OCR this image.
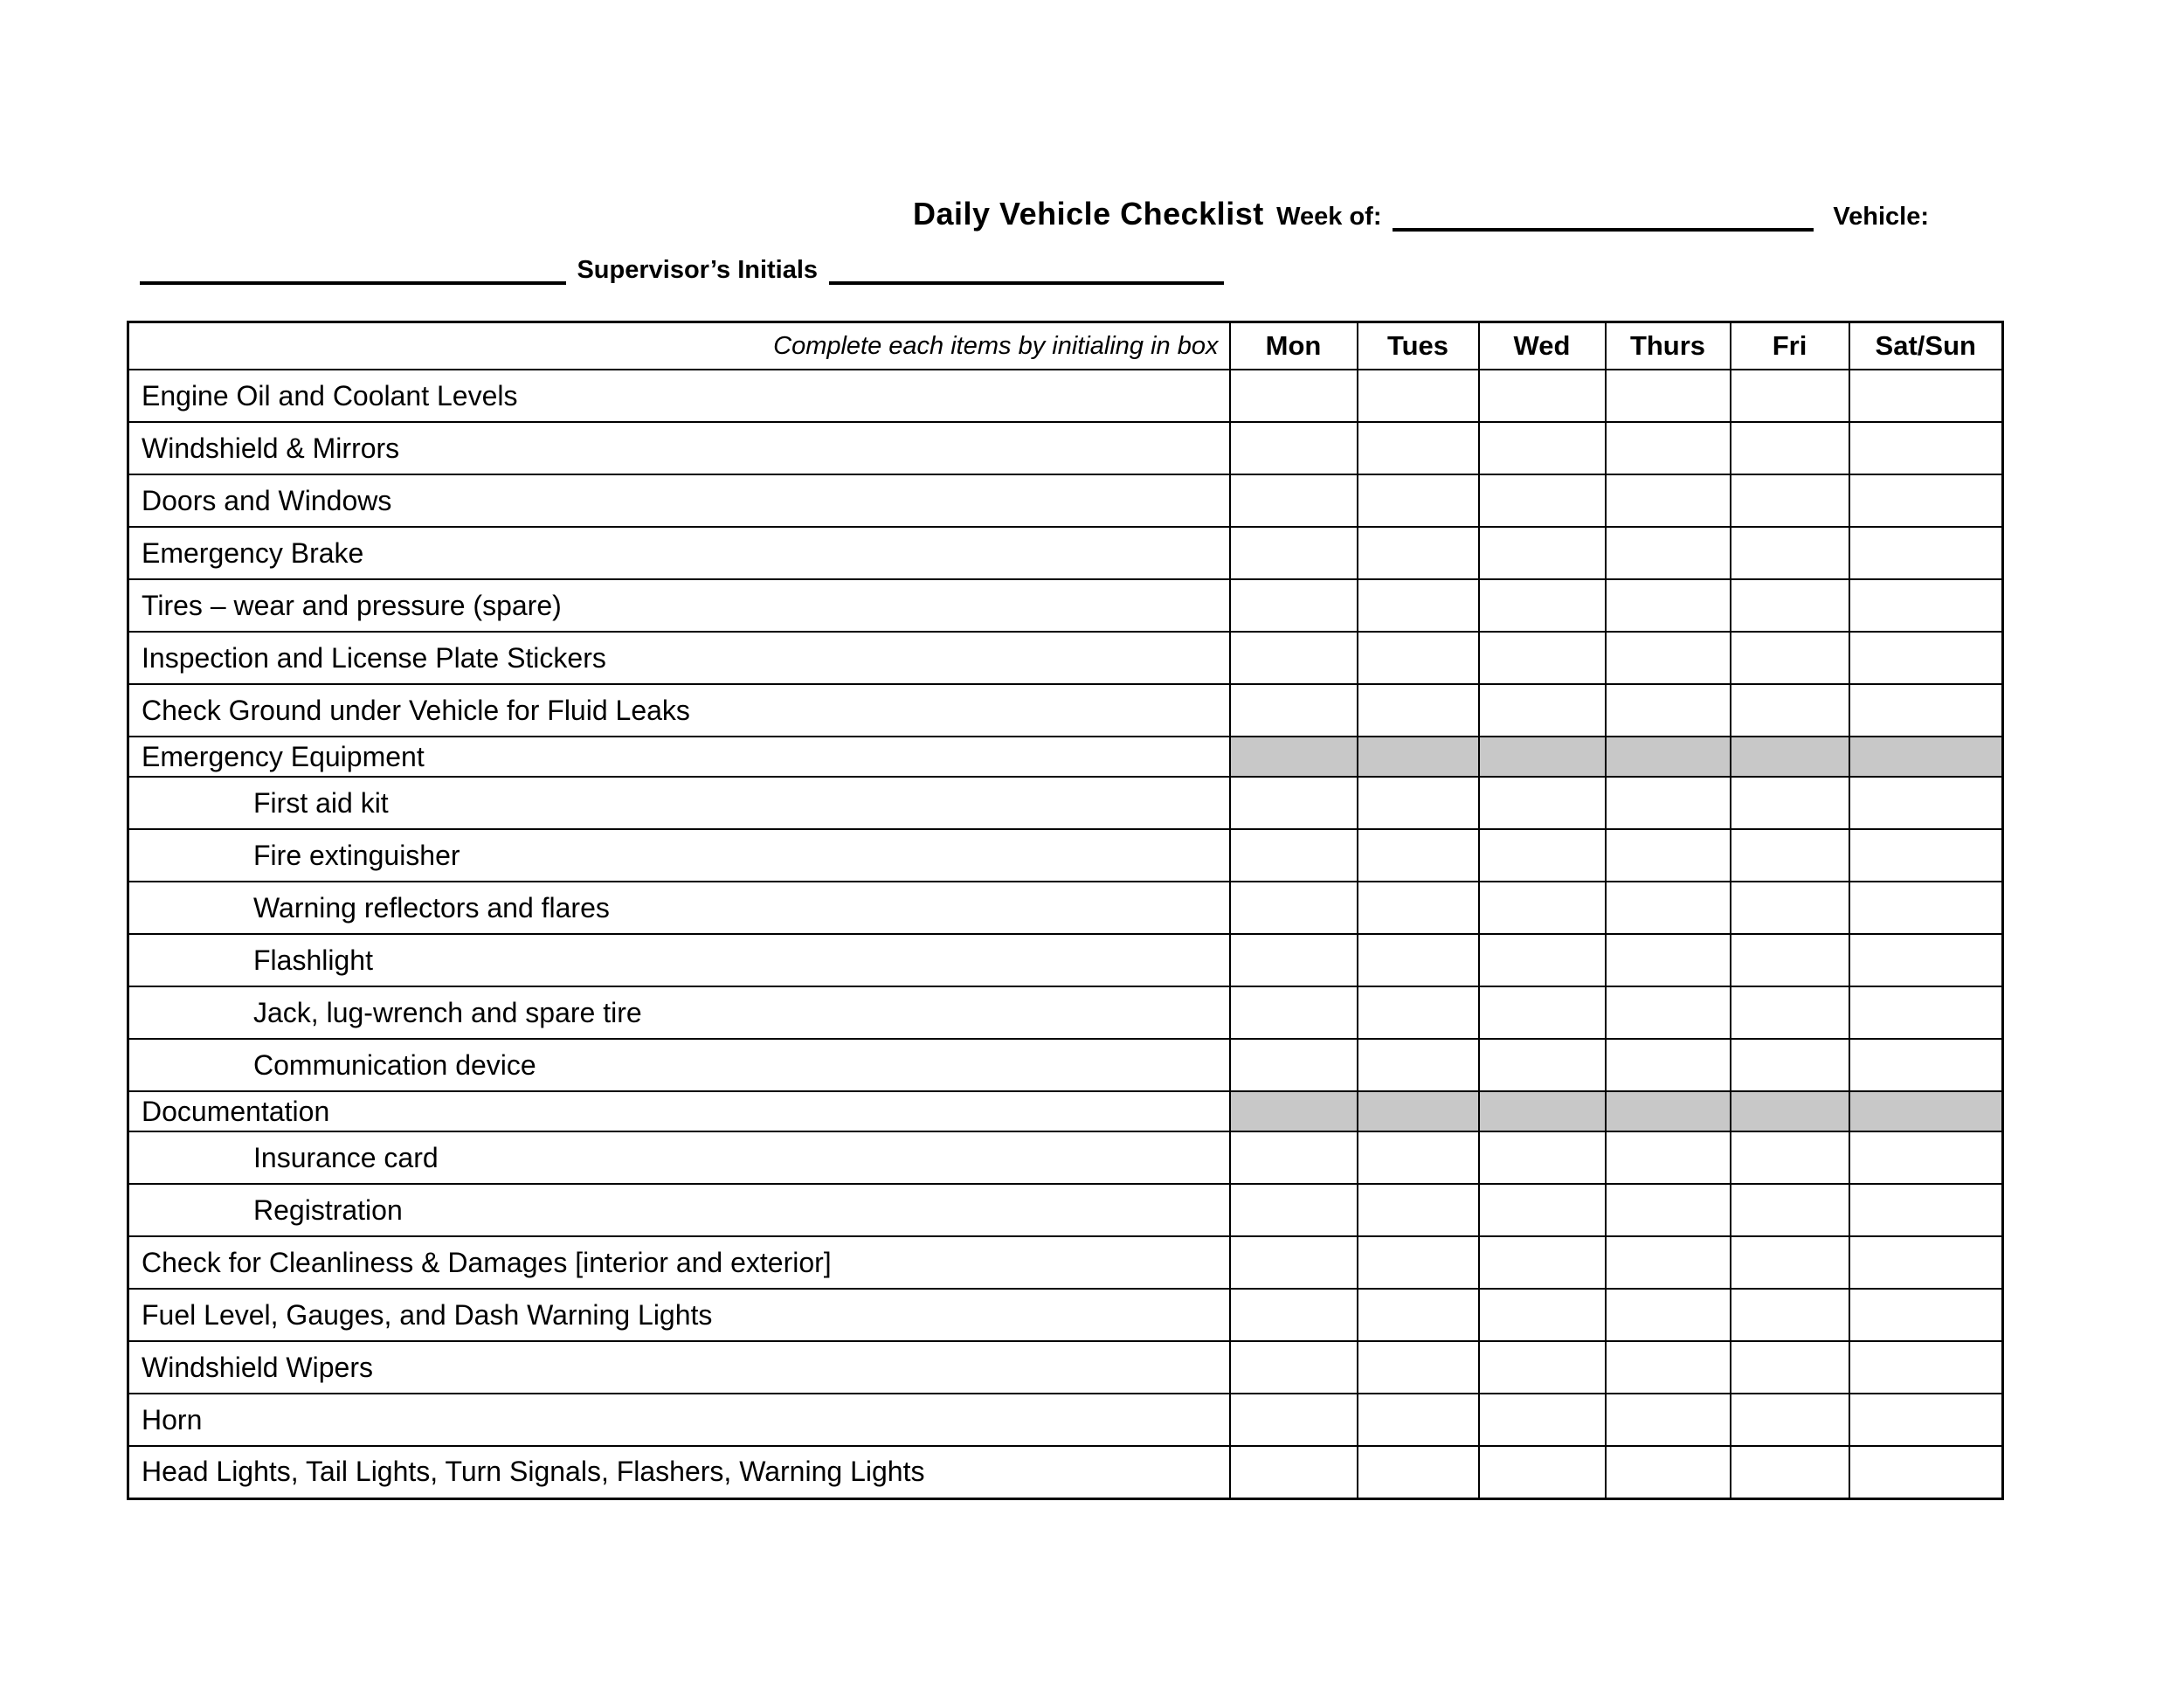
Daily Vehicle Checklist Week of:	Vehicle:
Supervisor’s Initials
Complete each items by initialing in box	Mon	Tues	Wed	Thurs	Fri	Sat/Sun
Engine Oil and Coolant Levels						
Windshield & Mirrors						
Doors and Windows						
Emergency Brake						
Tires – wear and pressure (spare)						
Inspection and License Plate Stickers						
Check Ground under Vehicle for Fluid Leaks						
Emergency Equipment						
First aid kit						
Fire extinguisher						
Warning reflectors and flares						
Flashlight						
Jack, lug-wrench and spare tire						
Communication device						
Documentation						
Insurance card						
Registration						
Check for Cleanliness & Damages [interior and exterior]						
Fuel Level, Gauges, and Dash Warning Lights						
Windshield Wipers						
Horn						
Head Lights, Tail Lights, Turn Signals, Flashers, Warning Lights						
